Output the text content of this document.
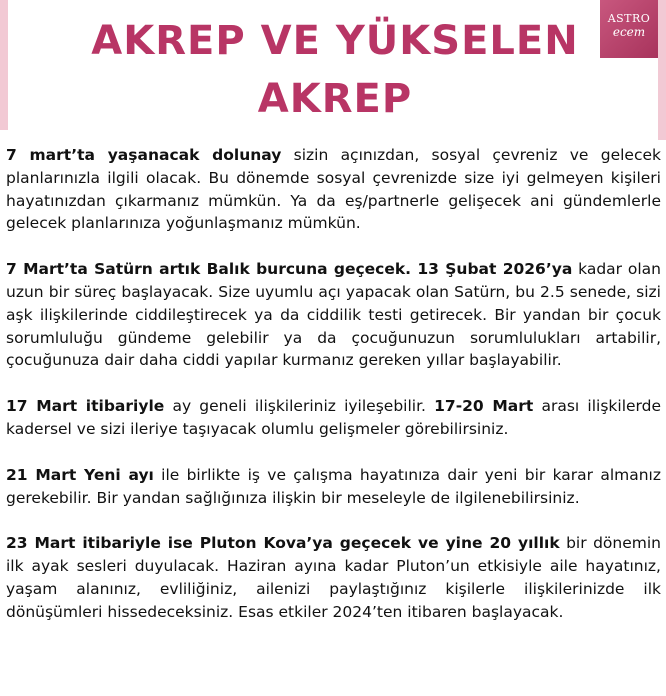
ASTRO
ecem
AKREP VE YÜKSELEN
AKREP

7 mart’ta yaşanacak dolunay sizin açınızdan, sosyal çevreniz ve gelecek planlarınızla ilgili olacak. Bu dönemde sosyal çevrenizde size iyi gelmeyen kişileri hayatınızdan çıkarmanız mümkün. Ya da eş/partnerle gelişecek ani gündemlerle gelecek planlarınıza yoğunlaşmanız mümkün.

7 Mart’ta Satürn artık Balık burcuna geçecek. 13 Şubat 2026’ya kadar olan uzun bir süreç başlayacak. Size uyumlu açı yapacak olan Satürn, bu 2.5 senede, sizi aşk ilişkilerinde ciddileştirecek ya da ciddilik testi getirecek. Bir yandan bir çocuk sorumluluğu gündeme gelebilir ya da çocuğunuzun sorumlulukları artabilir, çocuğunuza dair daha ciddi yapılar kurmanız gereken yıllar başlayabilir.

17 Mart itibariyle ay geneli ilişkileriniz iyileşebilir. 17-20 Mart arası ilişkilerde kadersel ve sizi ileriye taşıyacak olumlu gelişmeler görebilirsiniz.

21 Mart Yeni ayı ile birlikte iş ve çalışma hayatınıza dair yeni bir karar almanız gerekebilir. Bir yandan sağlığınıza ilişkin bir meseleyle de ilgilenebilirsiniz.

23 Mart itibariyle ise Pluton Kova’ya geçecek ve yine 20 yıllık bir dönemin ilk ayak sesleri duyulacak. Haziran ayına kadar Pluton’un etkisiyle aile hayatınız, yaşam alanınız, evliliğiniz, ailenizi paylaştığınız kişilerle ilişkilerinizde ilk dönüşümleri hissedeceksiniz. Esas etkiler 2024’ten itibaren başlayacak.
